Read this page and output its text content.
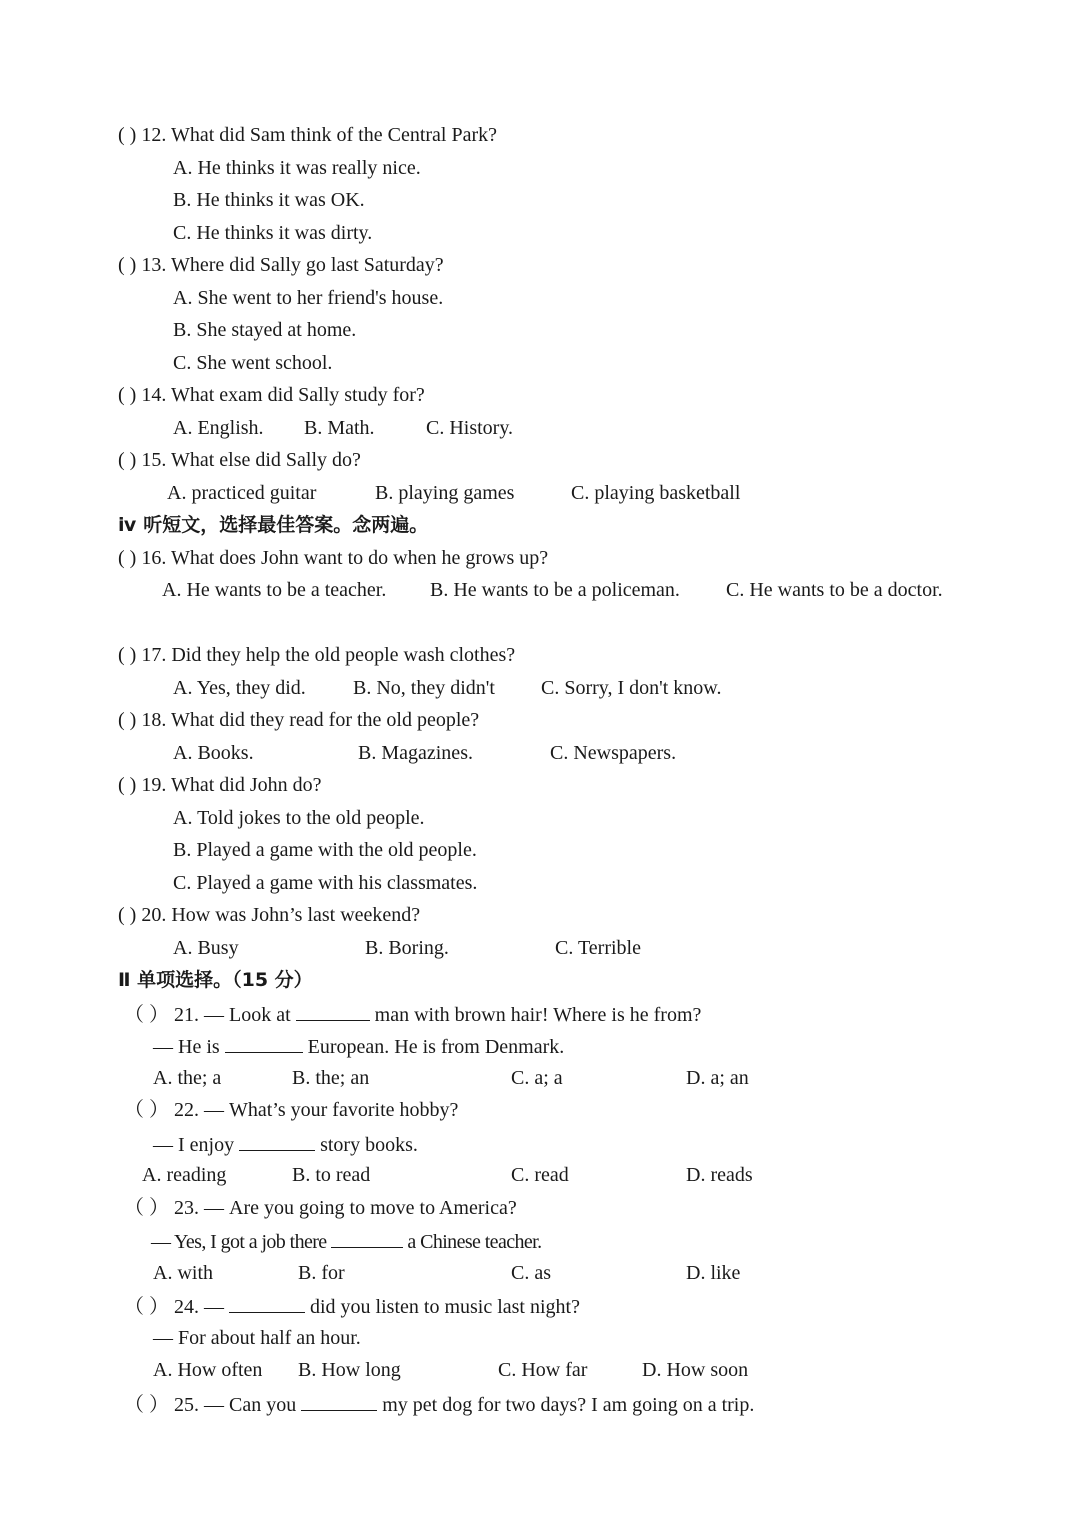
( ) 12. What did Sam think of the Central Park?
A. He thinks it was really nice.
B. He thinks it was OK.
C. He thinks it was dirty.
( ) 13. Where did Sally go last Saturday?
A. She went to her friend's house.
B. She stayed at home.
C. She went school.
( ) 14. What exam did Sally study for?
A. English. B. Math.	C. History.
( ) 15. What else did Sally do?
A. practiced guitar	B. playing games	C. playing basketball
ⅳ 听短文，选择最佳答案。念两遍。
( ) 16. What does John want to do when he grows up?
A. He wants to be a teacher. B. He wants to be a policeman. C. He wants to be a doctor.
( ) 17. Did they help the old people wash clothes?
A. Yes, they did. B. No, they didn't C. Sorry, I don't know.
( ) 18. What did they read for the old people?
A. Books.	B. Magazines.	C. Newspapers.
( ) 19. What did John do?
A. Told jokes to the old people.
B. Played a game with the old people.
C. Played a game with his classmates.
( ) 20. How was John’s last weekend?
A. Busy	B. Boring.	C. Terrible
Ⅱ 单项选择。（15 分）
（ ） 21. — Look at	man with brown hair! Where is he from?
— He is	European. He is from Denmark.
A. the; a	B. the; an	C. a; a	D. a; an
（ ） 22. — What’s your favorite hobby?
— I enjoy	story books.
A. reading	B. to read	C. read	D. reads
（ ） 23. — Are you going to move to America?
— Yes, I got a job there	a Chinese teacher.
A. with	B. for	C. as	D. like
（ ） 24. —	did you listen to music last night?
— For about half an hour.
A. How often B. How long	C. How far	D. How soon
（ ） 25. — Can you	my pet dog for two days? I am going on a trip.
